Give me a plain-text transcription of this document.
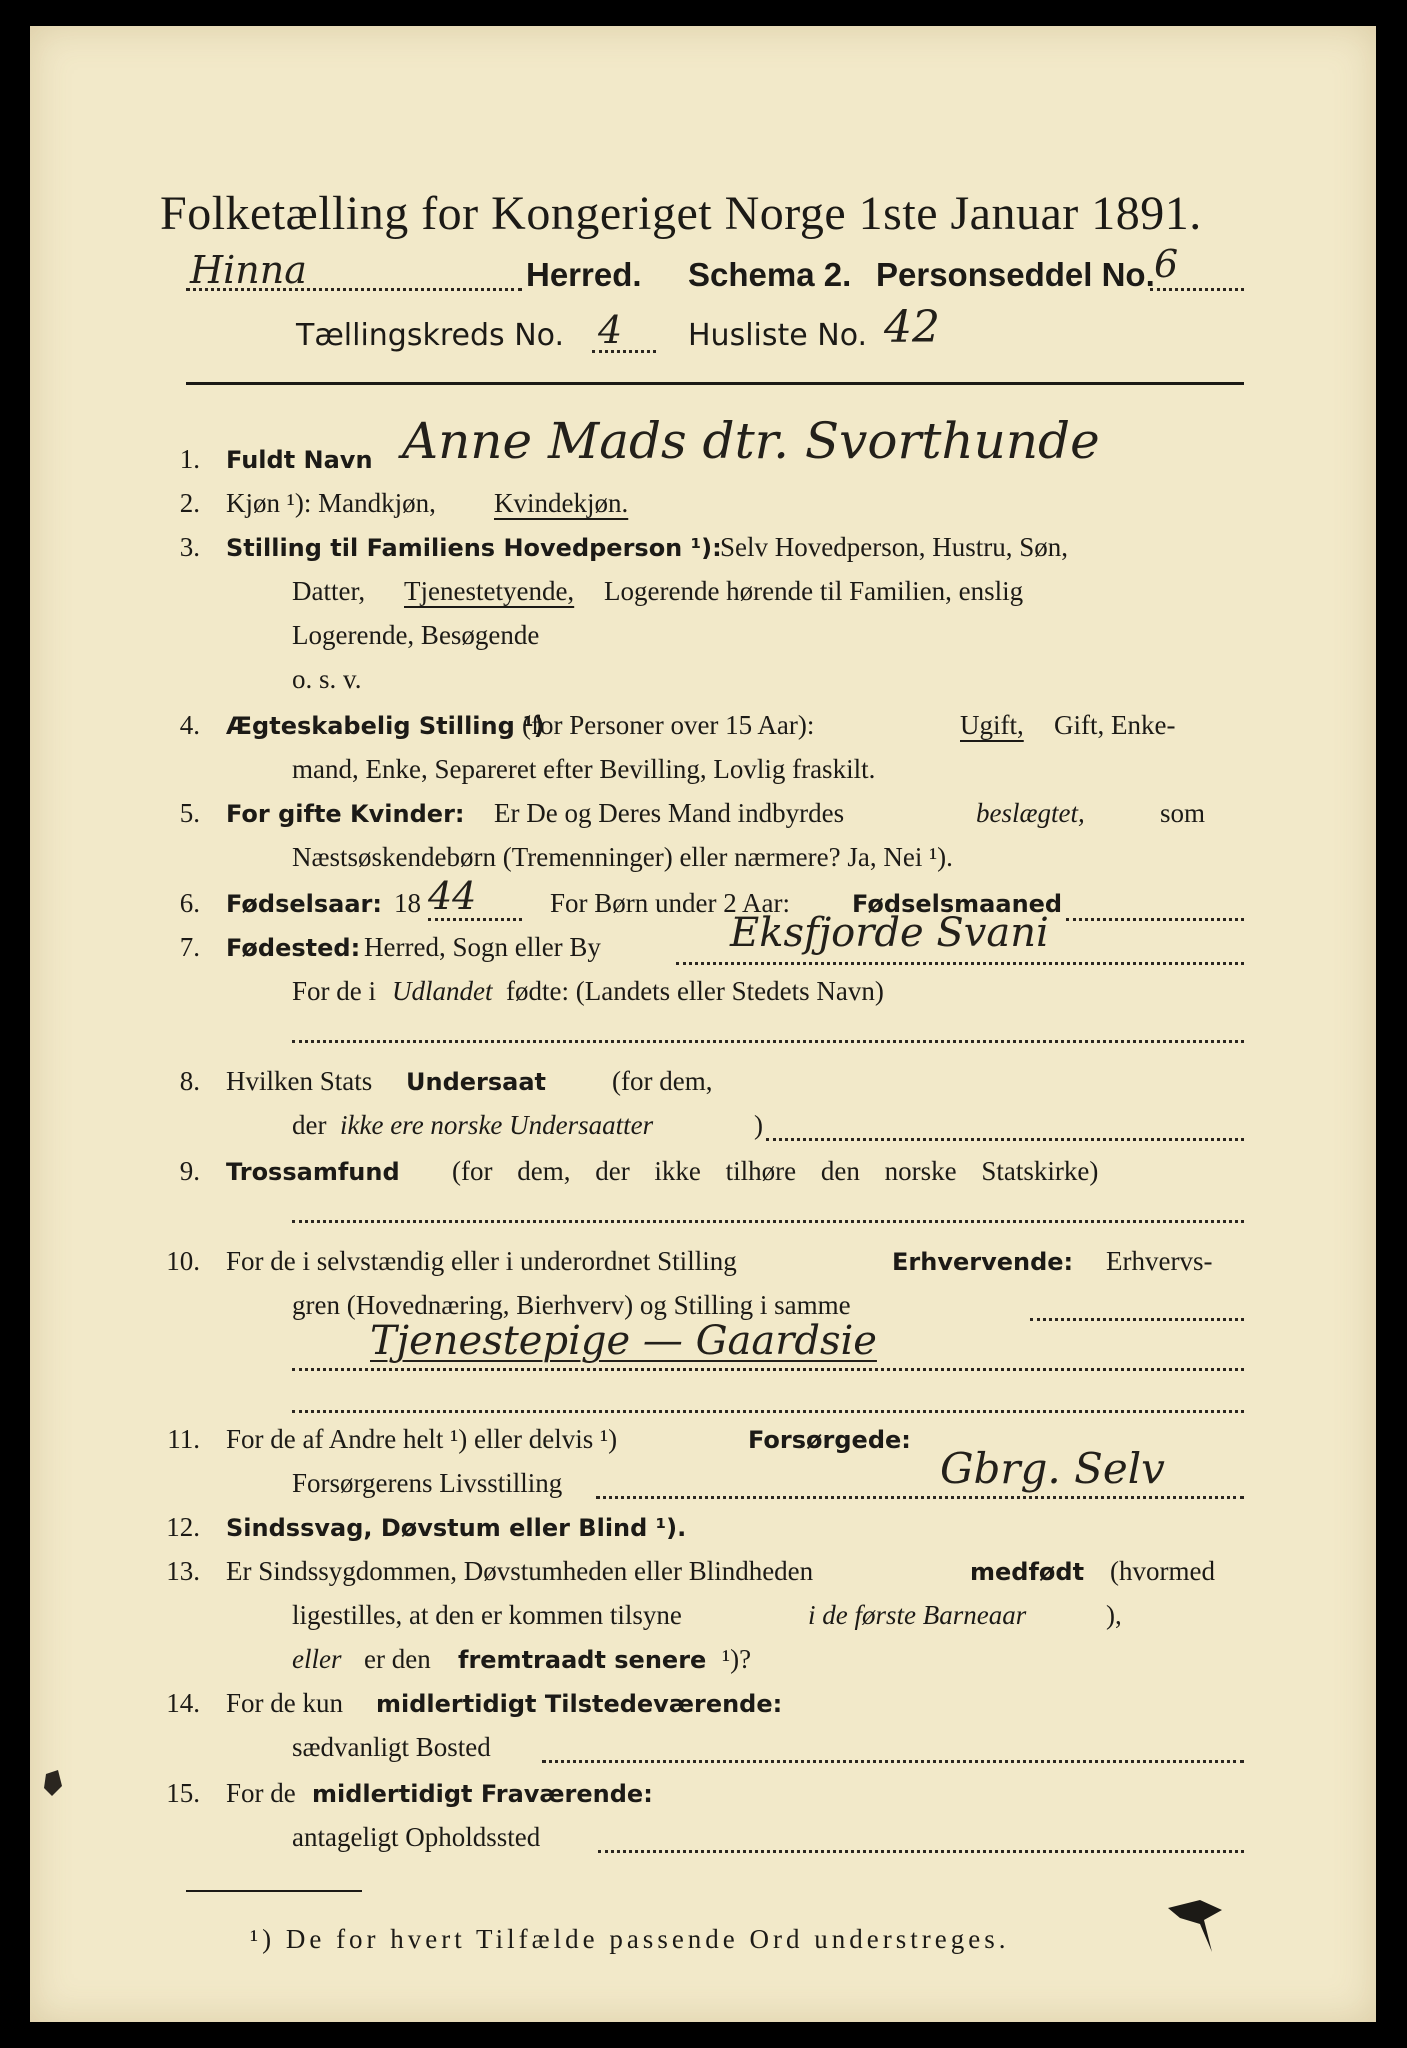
Folketælling for Kongeriget Norge 1ste Januar 1891.
Hinna	Herred. Schema 2. Personseddel No. 6
Tællingskreds No. 4 Husliste No. 42
1. Fuldt Navn Anne Mads dtr. Svorthunde
2. Kjøn ¹): Mandkjøn, Kvindekjøn.
3. Stilling til Familiens Hovedperson ¹):
Selv Hovedperson, Hustru, Søn,
Datter, Tjenestetyende, Logerende hørende til Familien, enslig
Logerende, Besøgende
o. s. v.
4. Ægteskabelig Stilling ¹)
(for Personer over 15 Aar):	Ugift, Gift, Enke-
mand, Enke, Separeret efter Bevilling, Lovlig fraskilt.
5. For gifte Kvinder: Er De og Deres Mand indbyrdes	beslægtet,	som
Næstsøskendebørn (Tremenninger) eller nærmere? Ja, Nei ¹).
6. Fødselsaar: 18 44	For Børn under 2 Aar:	Fødselsmaaned
7. Fødested: Herred, Sogn eller By	Eksfjorde Svani
For de i Udlandet fødte: (Landets eller Stedets Navn)
8. Hvilken Stats Undersaat (for dem,
der ikke ere norske Undersaatter	)
9. Trossamfund (for dem, der ikke tilhøre den norske Statskirke)
10. For de i selvstændig eller i underordnet Stilling	Erhvervende: Erhvervs-
gren (Hovednæring, Bierhverv) og Stilling i samme
Tjenestepige — Gaardsie
11. For de af Andre helt ¹) eller delvis ¹)	Forsørgede:
Forsørgerens Livsstilling	Gbrg. Selv
12. Sindssvag, Døvstum eller Blind ¹).
13. Er Sindssygdommen, Døvstumheden eller Blindheden	medfødt (hvormed
ligestilles, at den er kommen tilsyne	i de første Barneaar	),
eller er den fremtraadt senere ¹)?
14. For de kun midlertidigt Tilstedeværende:
sædvanligt Bosted
15. For de midlertidigt Fraværende:
antageligt Opholdssted
¹) De for hvert Tilfælde passende Ord understreges.
